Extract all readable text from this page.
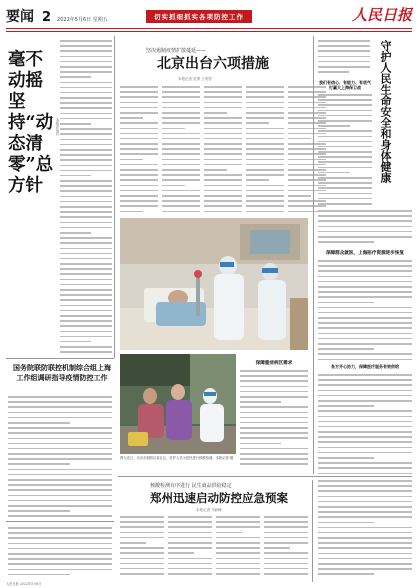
要闻 2 2022年5月6日 星期五	切实抓细抓实各项防控工作	人民日报
毫不动摇坚持“动态清零”总方针
本报评论员
国务院联防联控机制综合组上海工作组调研指导疫情防控工作
坚决遏制疫情扩散蔓延——
北京出台六项措施
本报记者 贺勇 王昊男
图为近日，北京市朝阳区某社区，医护人员为居民进行核酸检测。本报记者 摄
保障重症病区需求
守护人民生命安全和身体健康
我们有信心、有能力、有底气打赢大上海保卫战
保障群众就医，上海医疗资源逐步恢复
各方齐心协力，保障医疗服务有效供给
核酸检测有序进行 民生商品供给稳定
郑州迅速启动防控应急预案
本报记者 马跃峰
人民日报 2022年5月6日
